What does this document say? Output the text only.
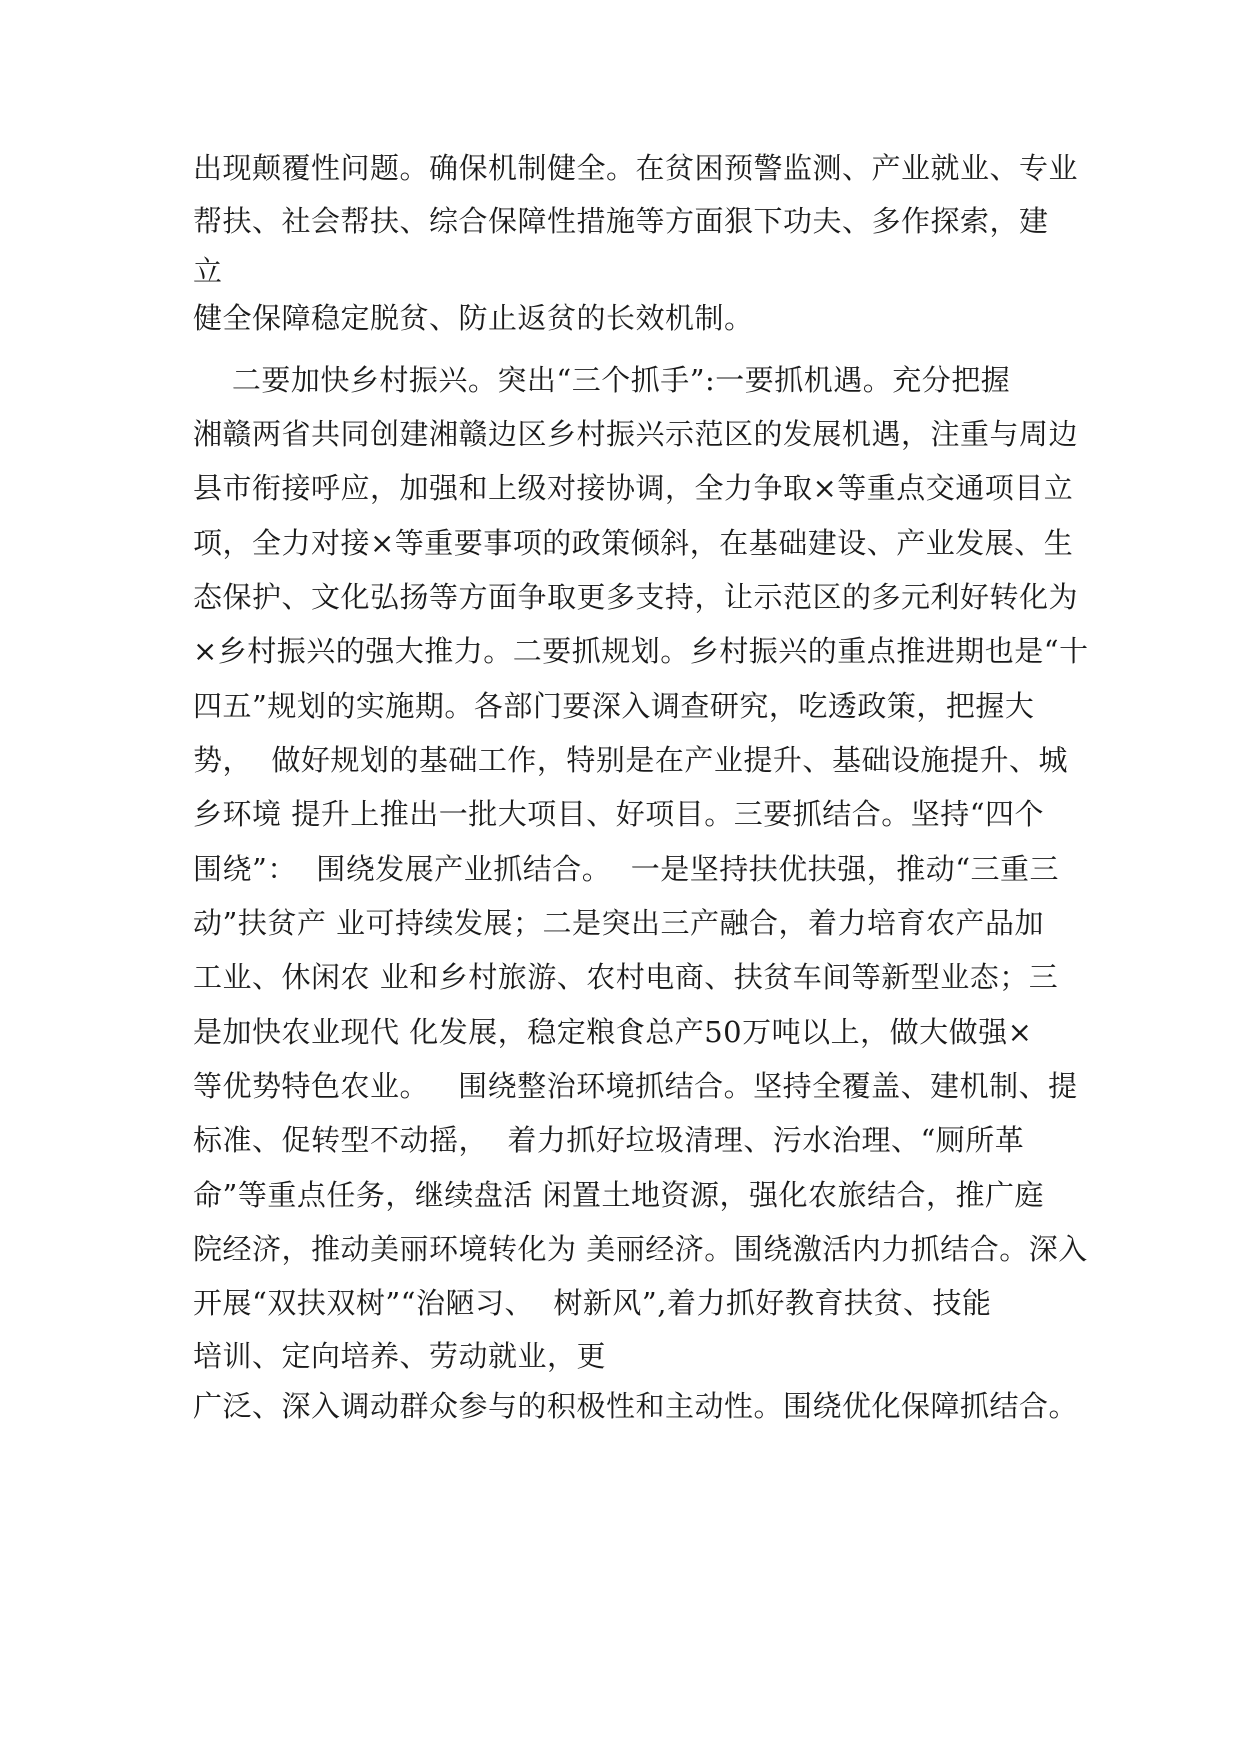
出现颠覆性问题。确保机制健全。在贫困预警监测、产业就业、专业

帮扶、社会帮扶、综合保障性措施等方面狠下功夫、多作探索，建

立

健全保障稳定脱贫、防止返贫的长效机制。

二要加快乡村振兴。突出“三个抓手”:一要抓机遇。充分把握

湘赣两省共同创建湘赣边区乡村振兴示范区的发展机遇，注重与周边

县市衔接呼应，加强和上级对接协调，全力争取×等重点交通项目立

项，全力对接×等重要事项的政策倾斜，在基础建设、产业发展、生

态保护、文化弘扬等方面争取更多支持，让示范区的多元利好转化为

×乡村振兴的强大推力。二要抓规划。乡村振兴的重点推进期也是“十

四五”规划的实施期。各部门要深入调查研究，吃透政策，把握大

势，  做好规划的基础工作，特别是在产业提升、基础设施提升、城

乡环境 提升上推出一批大项目、好项目。三要抓结合。坚持“四个

围绕”：  围绕发展产业抓结合。  一是坚持扶优扶强，推动“三重三

动”扶贫产 业可持续发展；二是突出三产融合，着力培育农产品加

工业、休闲农 业和乡村旅游、农村电商、扶贫车间等新型业态；三

是加快农业现代 化发展，稳定粮食总产50万吨以上，做大做强×

等优势特色农业。   围绕整治环境抓结合。坚持全覆盖、建机制、提

标准、促转型不动摇，  着力抓好垃圾清理、污水治理、“厕所革

命”等重点任务，继续盘活 闲置土地资源，强化农旅结合，推广庭

院经济，推动美丽环境转化为 美丽经济。围绕激活内力抓结合。深入

开展“双扶双树”“治陋习、  树新风”,着力抓好教育扶贫、技能

培训、定向培养、劳动就业，更

广泛、深入调动群众参与的积极性和主动性。围绕优化保障抓结合。
